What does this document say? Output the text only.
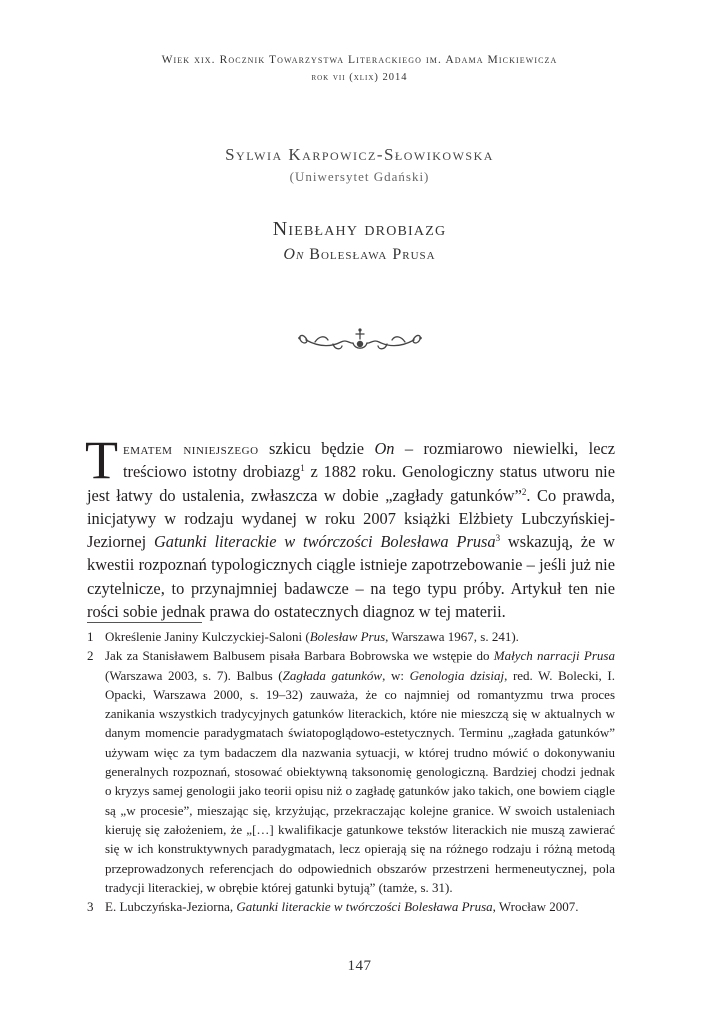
Wiek xix. Rocznik Towarzystwa Literackiego im. Adama Mickiewicza
rok vii (xlix) 2014
Sylwia Karpowicz-Słowikowska
(Uniwersytet Gdański)
Niebłahy drobiazg
On Bolesława Prusa
Tematem niniejszego szkicu będzie On – rozmiarowo niewielki, lecz treściowo istotny drobiazg$^1$ z 1882 roku. Genologiczny status utworu nie jest łatwy do ustalenia, zwłaszcza w dobie „zagłady gatunków”$^2$. Co prawda, inicjatywy w rodzaju wydanej w roku 2007 książki Elżbiety Lubczyńskiej-Jeziornej Gatunki literackie w twórczości Bolesława Prusa$^3$ wskazują, że w kwestii rozpoznań typologicznych ciągle istnieje zapotrzebowanie – jeśli już nie czytelnicze, to przynajmniej badawcze – na tego typu próby. Artykuł ten nie rości sobie jednak prawa do ostatecznych diagnoz w tej materii.
1 Określenie Janiny Kulczyckiej-Saloni (Bolesław Prus, Warszawa 1967, s. 241).
2 Jak za Stanisławem Balbusem pisała Barbara Bobrowska we wstępie do Małych narracji Prusa (Warszawa 2003, s. 7). Balbus (Zagłada gatunków, w: Genologia dzisiaj, red. W. Bolecki, I. Opacki, Warszawa 2000, s. 19–32) zauważa, że co najmniej od romantyzmu trwa proces zanikania wszystkich tradycyjnych gatunków literackich, które nie mieszczą się w aktualnych w danym momencie paradygmatach światopoglądowo-estetycznych. Terminu „zagłada gatunków” używam więc za tym badaczem dla nazwania sytuacji, w której trudno mówić o dokonywaniu generalnych rozpoznań, stosować obiektywną taksonomię genologiczną. Bardziej chodzi jednak o kryzys samej genologii jako teorii opisu niż o zagładę gatunków jako takich, one bowiem ciągle są „w procesie”, mieszając się, krzyżując, przekraczając kolejne granice. W swoich ustaleniach kieruję się założeniem, że „[…] kwalifikacje gatunkowe tekstów literackich nie muszą zawierać się w ich konstruktywnych paradygmatach, lecz opierają się na różnego rodzaju i różną metodą przeprowadzonych referencjach do odpowiednich obszarów przestrzeni hermeneutycznej, pola tradycji literackiej, w obrębie której gatunki bytują” (tamże, s. 31).
3 E. Lubczyńska-Jeziorna, Gatunki literackie w twórczości Bolesława Prusa, Wrocław 2007.
147
